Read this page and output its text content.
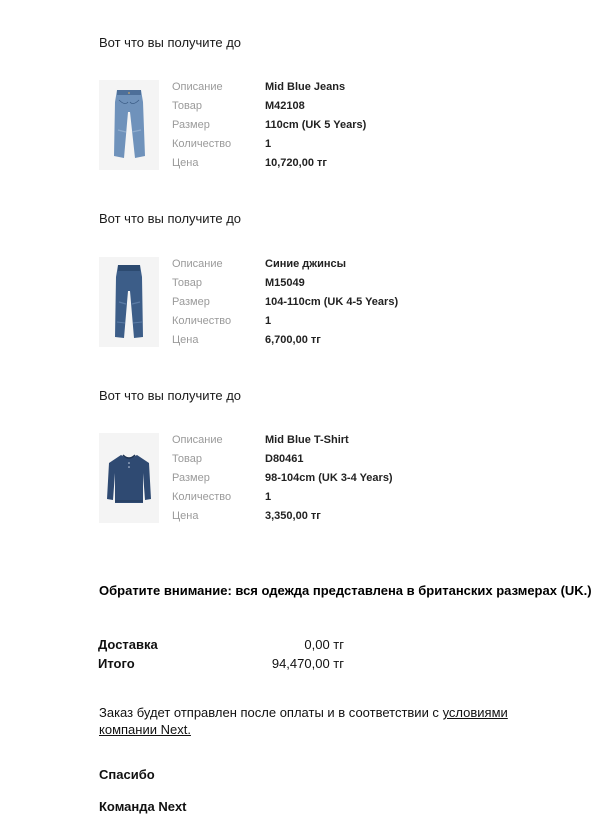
Вот что вы получите до
Описание	Mid Blue Jeans
Товар	M42108
Размер	110cm (UK 5 Years)
Количество	1
Цена	10,720,00 тг
Вот что вы получите до
Описание	Синие джинсы
Товар	M15049
Размер	104-110cm (UK 4-5 Years)
Количество	1
Цена	6,700,00 тг
Вот что вы получите до
Описание	Mid Blue T-Shirt
Товар	D80461
Размер	98-104cm (UK 3-4 Years)
Количество	1
Цена	3,350,00 тг
Обратите внимание: вся одежда представлена в британских размерах (UK.)
Доставка	0,00 тг
Итого	94,470,00 тг
Заказ будет отправлен после оплаты и в соответствии с условиями компании Next.
Спасибо
Команда Next
